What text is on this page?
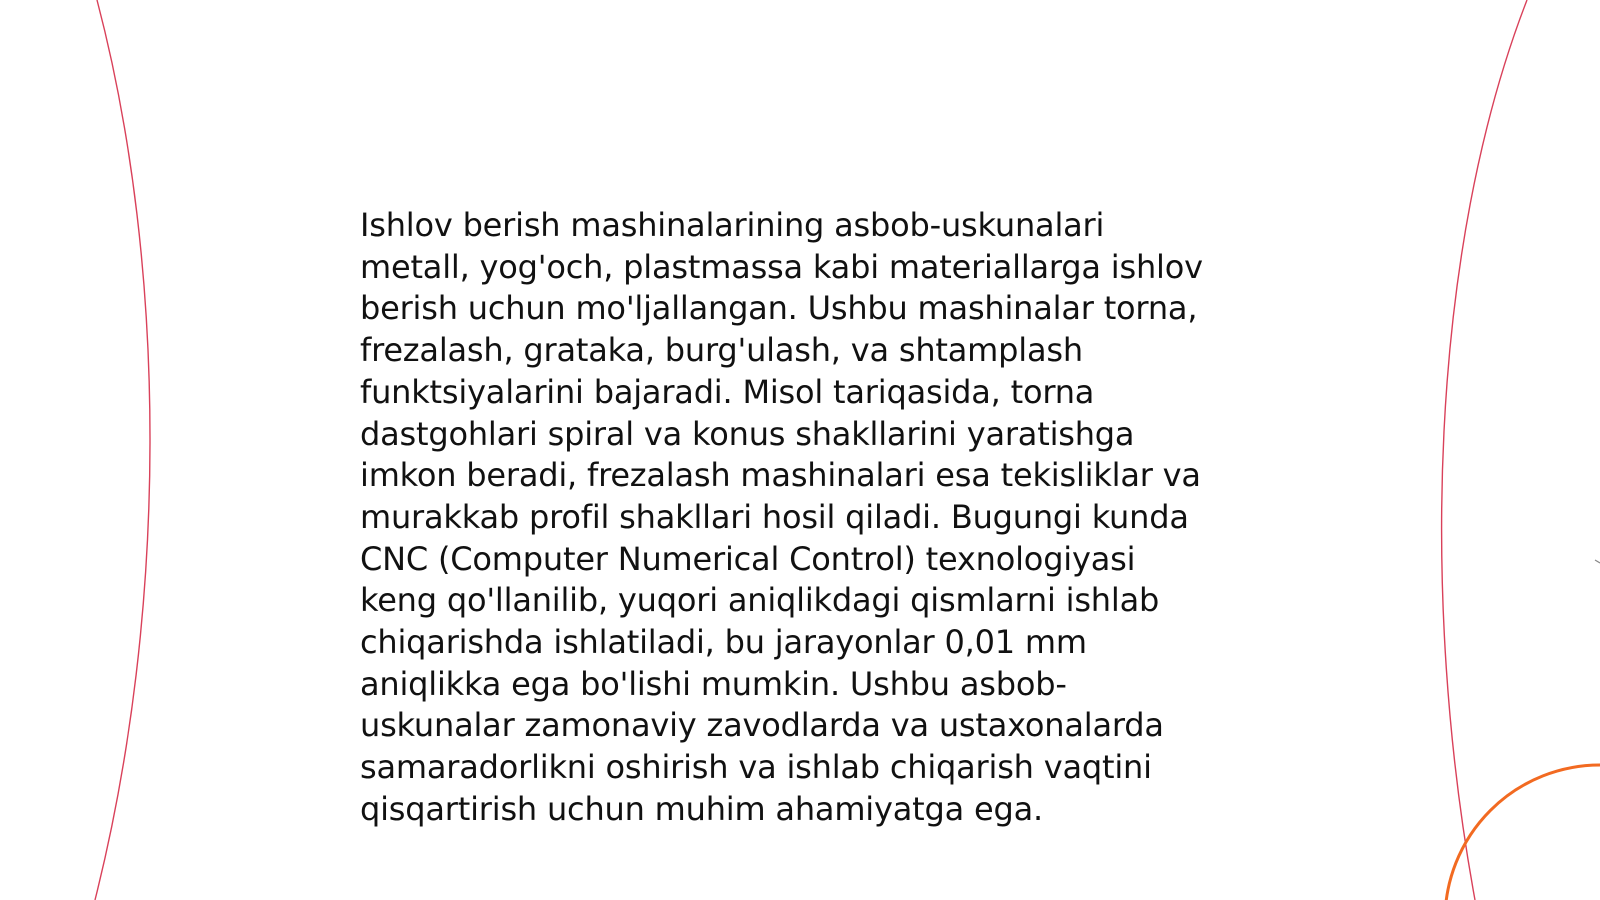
Ishlov berish mashinalarining asbob-uskunalari
metall, yog'och, plastmassa kabi materiallarga ishlov
berish uchun mo'ljallangan. Ushbu mashinalar torna,
frezalash, grataka, burg'ulash, va shtamplash
funktsiyalarini bajaradi. Misol tariqasida, torna
dastgohlari spiral va konus shakllarini yaratishga
imkon beradi, frezalash mashinalari esa tekisliklar va
murakkab profil shakllari hosil qiladi. Bugungi kunda
CNC (Computer Numerical Control) texnologiyasi
keng qo'llanilib, yuqori aniqlikdagi qismlarni ishlab
chiqarishda ishlatiladi, bu jarayonlar 0,01 mm
aniqlikka ega bo'lishi mumkin. Ushbu asbob-
uskunalar zamonaviy zavodlarda va ustaxonalarda
samaradorlikni oshirish va ishlab chiqarish vaqtini
qisqartirish uchun muhim ahamiyatga ega.
